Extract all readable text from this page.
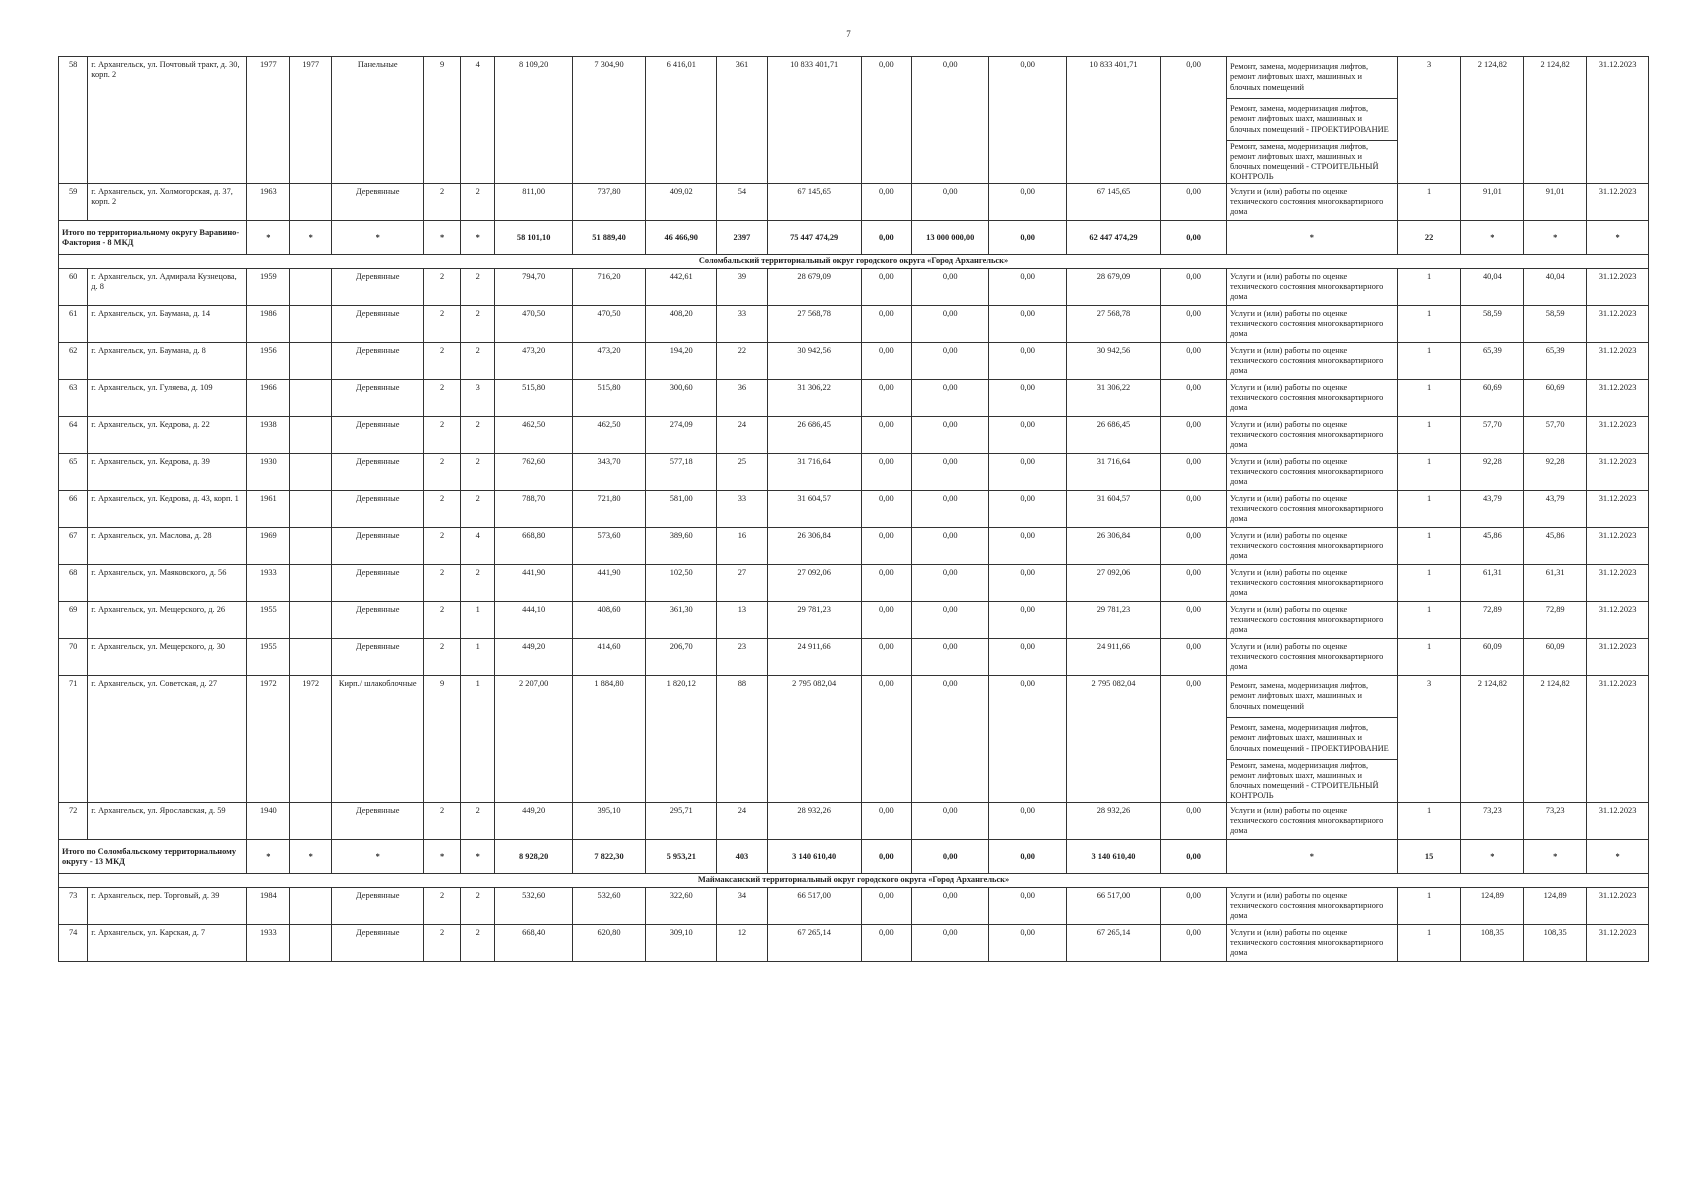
7
58	г. Архангельск, ул. Почтовый тракт, д. 30, корп. 2	1977	1977	Панельные	9	4	8 109,20	7 304,90	6 416,01	361	10 833 401,71	0,00	0,00	0,00	10 833 401,71	0,00	Ремонт, замена, модернизация лифтов, ремонт лифтовых шахт, машинных и блочных помещений
Ремонт, замена, модернизация лифтов, ремонт лифтовых шахт, машинных и блочных помещений - ПРОЕКТИРОВАНИЕ
Ремонт, замена, модернизация лифтов, ремонт лифтовых шахт, машинных и блочных помещений - СТРОИТЕЛЬНЫЙ КОНТРОЛЬ	3	2 124,82	2 124,82	31.12.2023
59	г. Архангельск, ул. Холмогорская, д. 37, корп. 2	1963		Деревянные	2	2	811,00	737,80	409,02	54	67 145,65	0,00	0,00	0,00	67 145,65	0,00	Услуги и (или) работы по оценке технического состояния многоквартирного дома	1	91,01	91,01	31.12.2023
Итого по территориальному округу Варавино-Фактория - 8 МКД		*	*	*	*	*	58 101,10	51 889,40	46 466,90	2397	75 447 474,29	0,00	13 000 000,00	0,00	62 447 474,29	0,00	*	22	*	*	*
Соломбальский территориальный округ городского округа «Город Архангельск»																					
60	г. Архангельск, ул. Адмирала Кузнецова, д. 8	1959		Деревянные	2	2	794,70	716,20	442,61	39	28 679,09	0,00	0,00	0,00	28 679,09	0,00	Услуги и (или) работы по оценке технического состояния многоквартирного дома	1	40,04	40,04	31.12.2023
61	г. Архангельск, ул. Баумана, д. 14	1986		Деревянные	2	2	470,50	470,50	408,20	33	27 568,78	0,00	0,00	0,00	27 568,78	0,00	Услуги и (или) работы по оценке технического состояния многоквартирного дома	1	58,59	58,59	31.12.2023
62	г. Архангельск, ул. Баумана, д. 8	1956		Деревянные	2	2	473,20	473,20	194,20	22	30 942,56	0,00	0,00	0,00	30 942,56	0,00	Услуги и (или) работы по оценке технического состояния многоквартирного дома	1	65,39	65,39	31.12.2023
63	г. Архангельск, ул. Гуляева, д. 109	1966		Деревянные	2	3	515,80	515,80	300,60	36	31 306,22	0,00	0,00	0,00	31 306,22	0,00	Услуги и (или) работы по оценке технического состояния многоквартирного дома	1	60,69	60,69	31.12.2023
64	г. Архангельск, ул. Кедрова, д. 22	1938		Деревянные	2	2	462,50	462,50	274,09	24	26 686,45	0,00	0,00	0,00	26 686,45	0,00	Услуги и (или) работы по оценке технического состояния многоквартирного дома	1	57,70	57,70	31.12.2023
65	г. Архангельск, ул. Кедрова, д. 39	1930		Деревянные	2	2	762,60	343,70	577,18	25	31 716,64	0,00	0,00	0,00	31 716,64	0,00	Услуги и (или) работы по оценке технического состояния многоквартирного дома	1	92,28	92,28	31.12.2023
66	г. Архангельск, ул. Кедрова, д. 43, корп. 1	1961		Деревянные	2	2	788,70	721,80	581,00	33	31 604,57	0,00	0,00	0,00	31 604,57	0,00	Услуги и (или) работы по оценке технического состояния многоквартирного дома	1	43,79	43,79	31.12.2023
67	г. Архангельск, ул. Маслова, д. 28	1969		Деревянные	2	4	668,80	573,60	389,60	16	26 306,84	0,00	0,00	0,00	26 306,84	0,00	Услуги и (или) работы по оценке технического состояния многоквартирного дома	1	45,86	45,86	31.12.2023
68	г. Архангельск, ул. Маяковского, д. 56	1933		Деревянные	2	2	441,90	441,90	102,50	27	27 092,06	0,00	0,00	0,00	27 092,06	0,00	Услуги и (или) работы по оценке технического состояния многоквартирного дома	1	61,31	61,31	31.12.2023
69	г. Архангельск, ул. Мещерского, д. 26	1955		Деревянные	2	1	444,10	408,60	361,30	13	29 781,23	0,00	0,00	0,00	29 781,23	0,00	Услуги и (или) работы по оценке технического состояния многоквартирного дома	1	72,89	72,89	31.12.2023
70	г. Архангельск, ул. Мещерского, д. 30	1955		Деревянные	2	1	449,20	414,60	206,70	23	24 911,66	0,00	0,00	0,00	24 911,66	0,00	Услуги и (или) работы по оценке технического состояния многоквартирного дома	1	60,09	60,09	31.12.2023
71	г. Архангельск, ул. Советская, д. 27	1972	1972	Кирп./ шлакоблочные	9	1	2 207,00	1 884,80	1 820,12	88	2 795 082,04	0,00	0,00	0,00	2 795 082,04	0,00	Ремонт, замена, модернизация лифтов, ремонт лифтовых шахт, машинных и блочных помещений
Ремонт, замена, модернизация лифтов, ремонт лифтовых шахт, машинных и блочных помещений - ПРОЕКТИРОВАНИЕ
Ремонт, замена, модернизация лифтов, ремонт лифтовых шахт, машинных и блочных помещений - СТРОИТЕЛЬНЫЙ КОНТРОЛЬ	3	2 124,82	2 124,82	31.12.2023
72	г. Архангельск, ул. Ярославская, д. 59	1940		Деревянные	2	2	449,20	395,10	295,71	24	28 932,26	0,00	0,00	0,00	28 932,26	0,00	Услуги и (или) работы по оценке технического состояния многоквартирного дома	1	73,23	73,23	31.12.2023
Итого по Соломбальскому территориальному округу - 13 МКД		*	*	*	*	*	8 928,20	7 822,30	5 953,21	403	3 140 610,40	0,00	0,00	0,00	3 140 610,40	0,00	*	15	*	*	*
Маймаксанский территориальный округ городского округа «Город Архангельск»																					
73	г. Архангельск, пер. Торговый, д. 39	1984		Деревянные	2	2	532,60	532,60	322,60	34	66 517,00	0,00	0,00	0,00	66 517,00	0,00	Услуги и (или) работы по оценке технического состояния многоквартирного дома	1	124,89	124,89	31.12.2023
74	г. Архангельск, ул. Карская, д. 7	1933		Деревянные	2	2	668,40	620,80	309,10	12	67 265,14	0,00	0,00	0,00	67 265,14	0,00	Услуги и (или) работы по оценке технического состояния многоквартирного дома	1	108,35	108,35	31.12.2023
